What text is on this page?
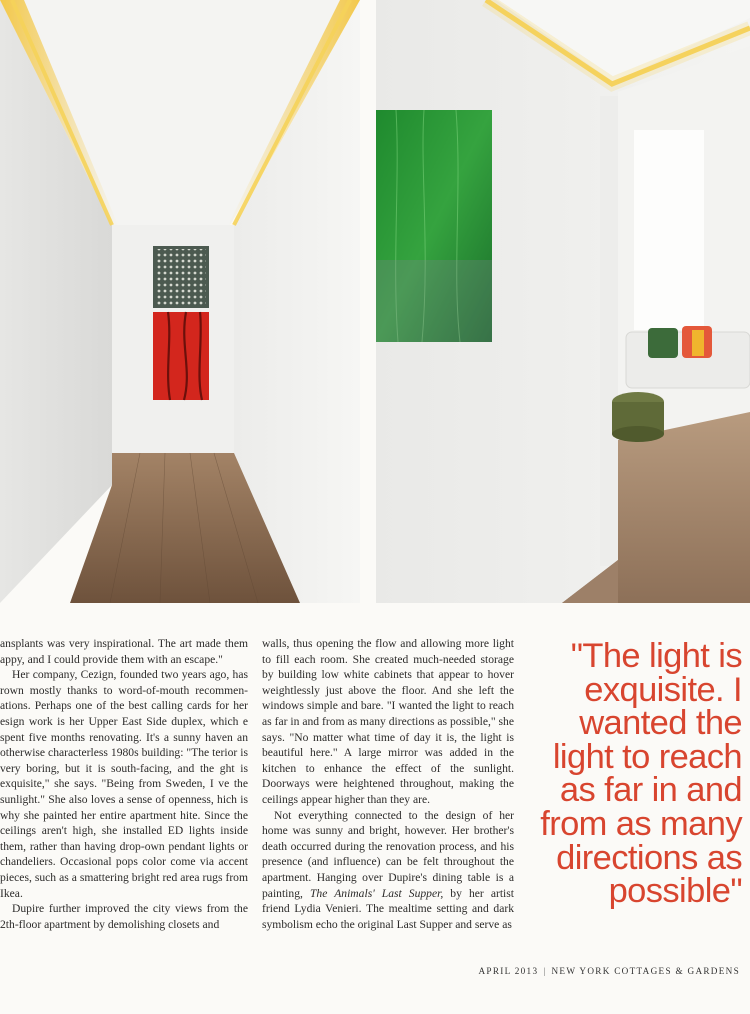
ansplants was very inspirational. The art made them appy, and I could provide them with an escape."

Her company, Cezign, founded two years ago, has rown mostly thanks to word-of-mouth recommen-ations. Perhaps one of the best calling cards for her esign work is her Upper East Side duplex, which e spent five months renovating. It's a sunny haven an otherwise characterless 1980s building: "The terior is very boring, but it is south-facing, and the ght is exquisite," she says. "Being from Sweden, I ve the sunlight." She also loves a sense of openness, hich is why she painted her entire apartment hite. Since the ceilings aren't high, she installed ED lights inside them, rather than having drop-own pendant lights or chandeliers. Occasional pops color come via accent pieces, such as a smattering bright red area rugs from Ikea.

Dupire further improved the city views from the 2th-floor apartment by demolishing closets and

walls, thus opening the flow and allowing more light to fill each room. She created much-needed storage by building low white cabinets that appear to hover weightlessly just above the floor. And she left the windows simple and bare. "I wanted the light to reach as far in and from as many directions as possible," she says. "No matter what time of day it is, the light is beautiful here." A large mirror was added in the kitchen to enhance the effect of the sunlight. Doorways were heightened throughout, making the ceilings appear higher than they are.

Not everything connected to the design of her home was sunny and bright, however. Her brother's death occurred during the renovation process, and his presence (and influence) can be felt throughout the apartment. Hanging over Dupire's dining table is a painting, The Animals' Last Supper, by her artist friend Lydia Venieri. The mealtime setting and dark symbolism echo the original Last Supper and serve as

"The light is exquisite. I wanted the light to reach as far in and from as many directions as possible"

APRIL 2013 | NEW YORK COTTAGES & GARDENS
